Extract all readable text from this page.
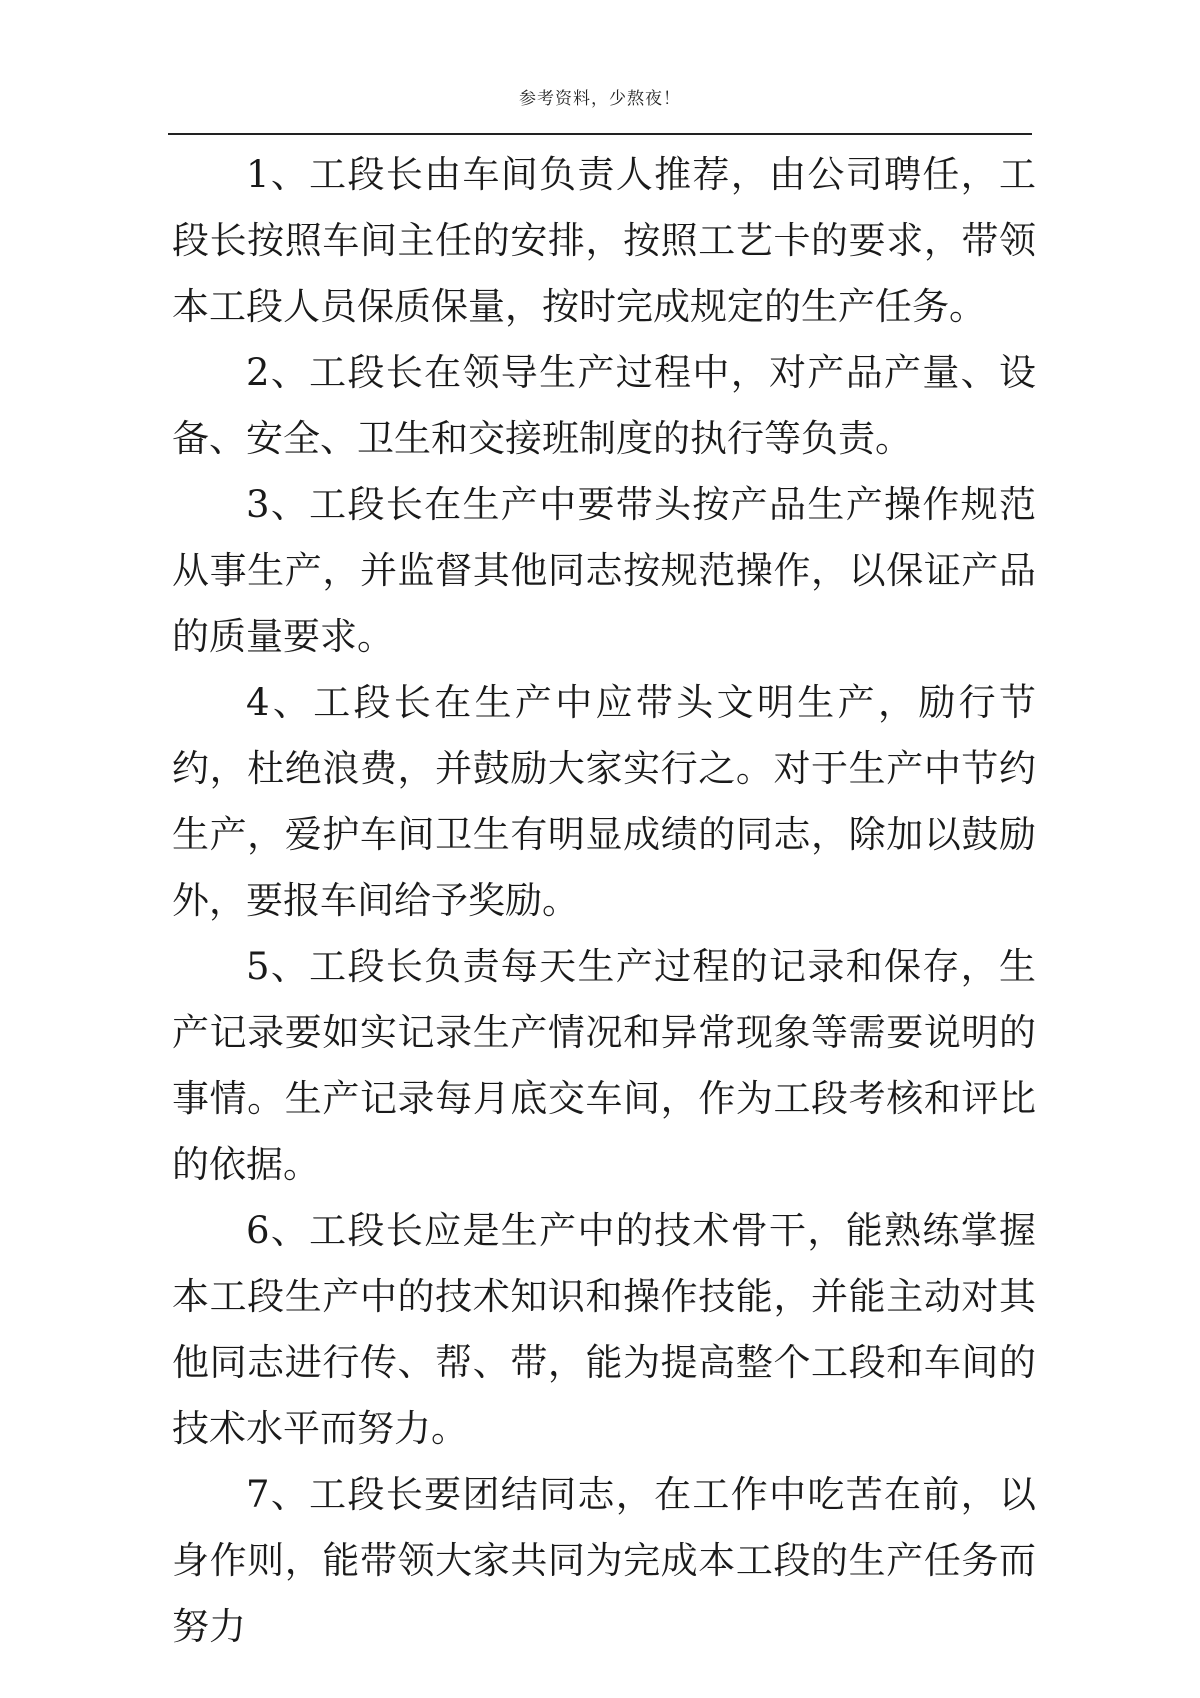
参考资料，少熬夜！

1、工段长由车间负责人推荐，由公司聘任，工段长按照车间主任的安排，按照工艺卡的要求，带领本工段人员保质保量，按时完成规定的生产任务。

2、工段长在领导生产过程中，对产品产量、设备、安全、卫生和交接班制度的执行等负责。

3、工段长在生产中要带头按产品生产操作规范从事生产，并监督其他同志按规范操作，以保证产品的质量要求。

4、工段长在生产中应带头文明生产，励行节约，杜绝浪费，并鼓励大家实行之。对于生产中节约生产，爱护车间卫生有明显成绩的同志，除加以鼓励外，要报车间给予奖励。

5、工段长负责每天生产过程的记录和保存，生产记录要如实记录生产情况和异常现象等需要说明的事情。生产记录每月底交车间，作为工段考核和评比的依据。

6、工段长应是生产中的技术骨干，能熟练掌握本工段生产中的技术知识和操作技能，并能主动对其他同志进行传、帮、带，能为提高整个工段和车间的技术水平而努力。

7、工段长要团结同志，在工作中吃苦在前，以身作则，能带领大家共同为完成本工段的生产任务而努力
